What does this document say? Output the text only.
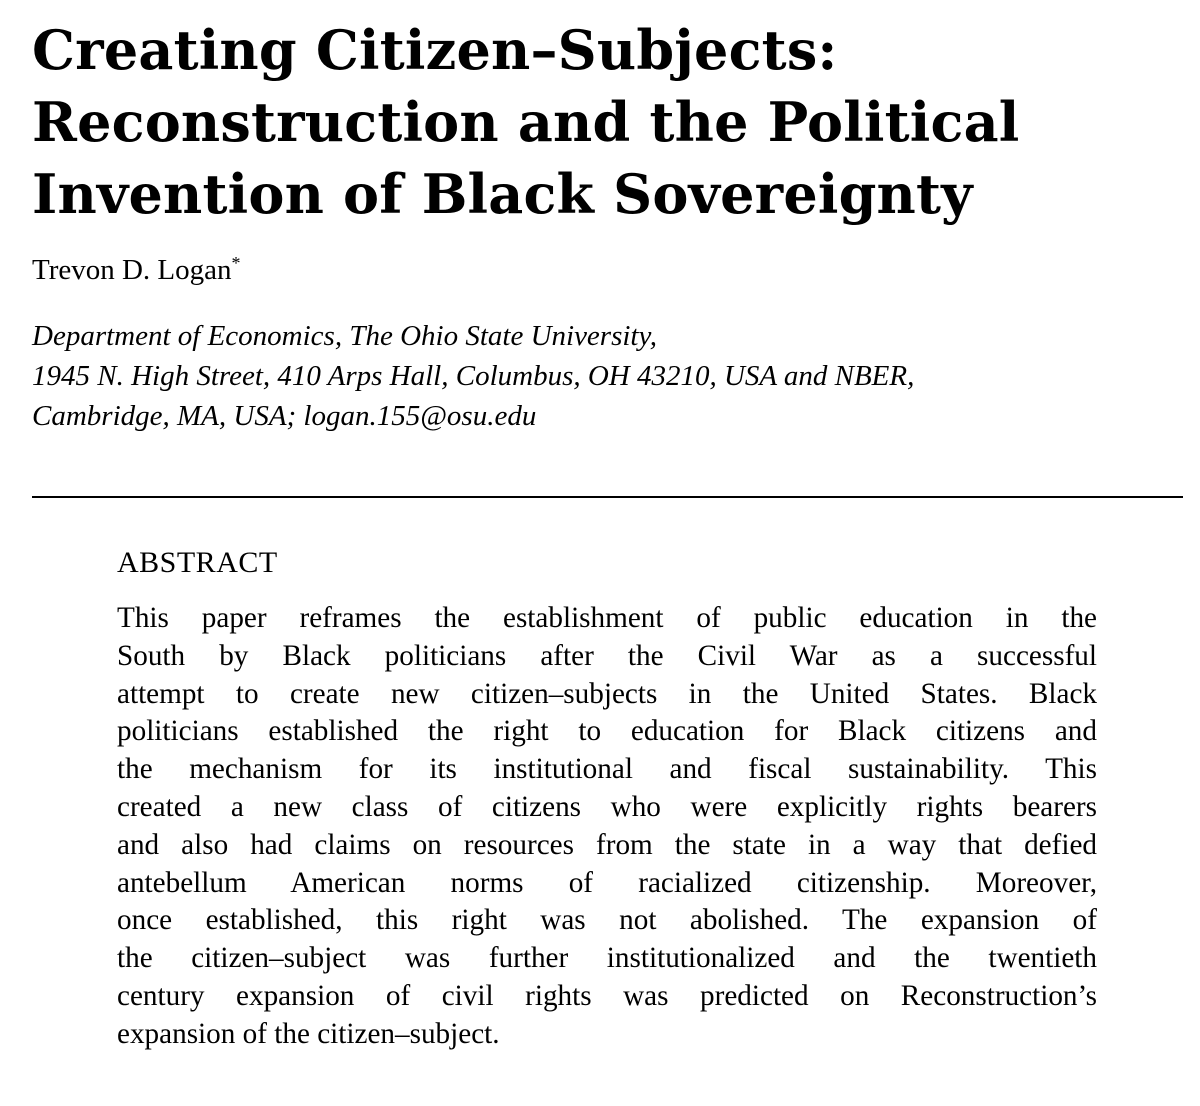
Creating Citizen–Subjects:
Reconstruction and the Political
Invention of Black Sovereignty
Trevon D. Logan*
Department of Economics, The Ohio State University,
1945 N. High Street, 410 Arps Hall, Columbus, OH 43210, USA and NBER,
Cambridge, MA, USA; logan.155@osu.edu
ABSTRACT
This paper reframes the establishment of public education in the
South by Black politicians after the Civil War as a successful
attempt to create new citizen–subjects in the United States. Black
politicians established the right to education for Black citizens and
the mechanism for its institutional and fiscal sustainability. This
created a new class of citizens who were explicitly rights bearers
and also had claims on resources from the state in a way that defied
antebellum American norms of racialized citizenship. Moreover,
once established, this right was not abolished. The expansion of
the citizen–subject was further institutionalized and the twentieth
century expansion of civil rights was predicted on Reconstruction’s
expansion of the citizen–subject.
